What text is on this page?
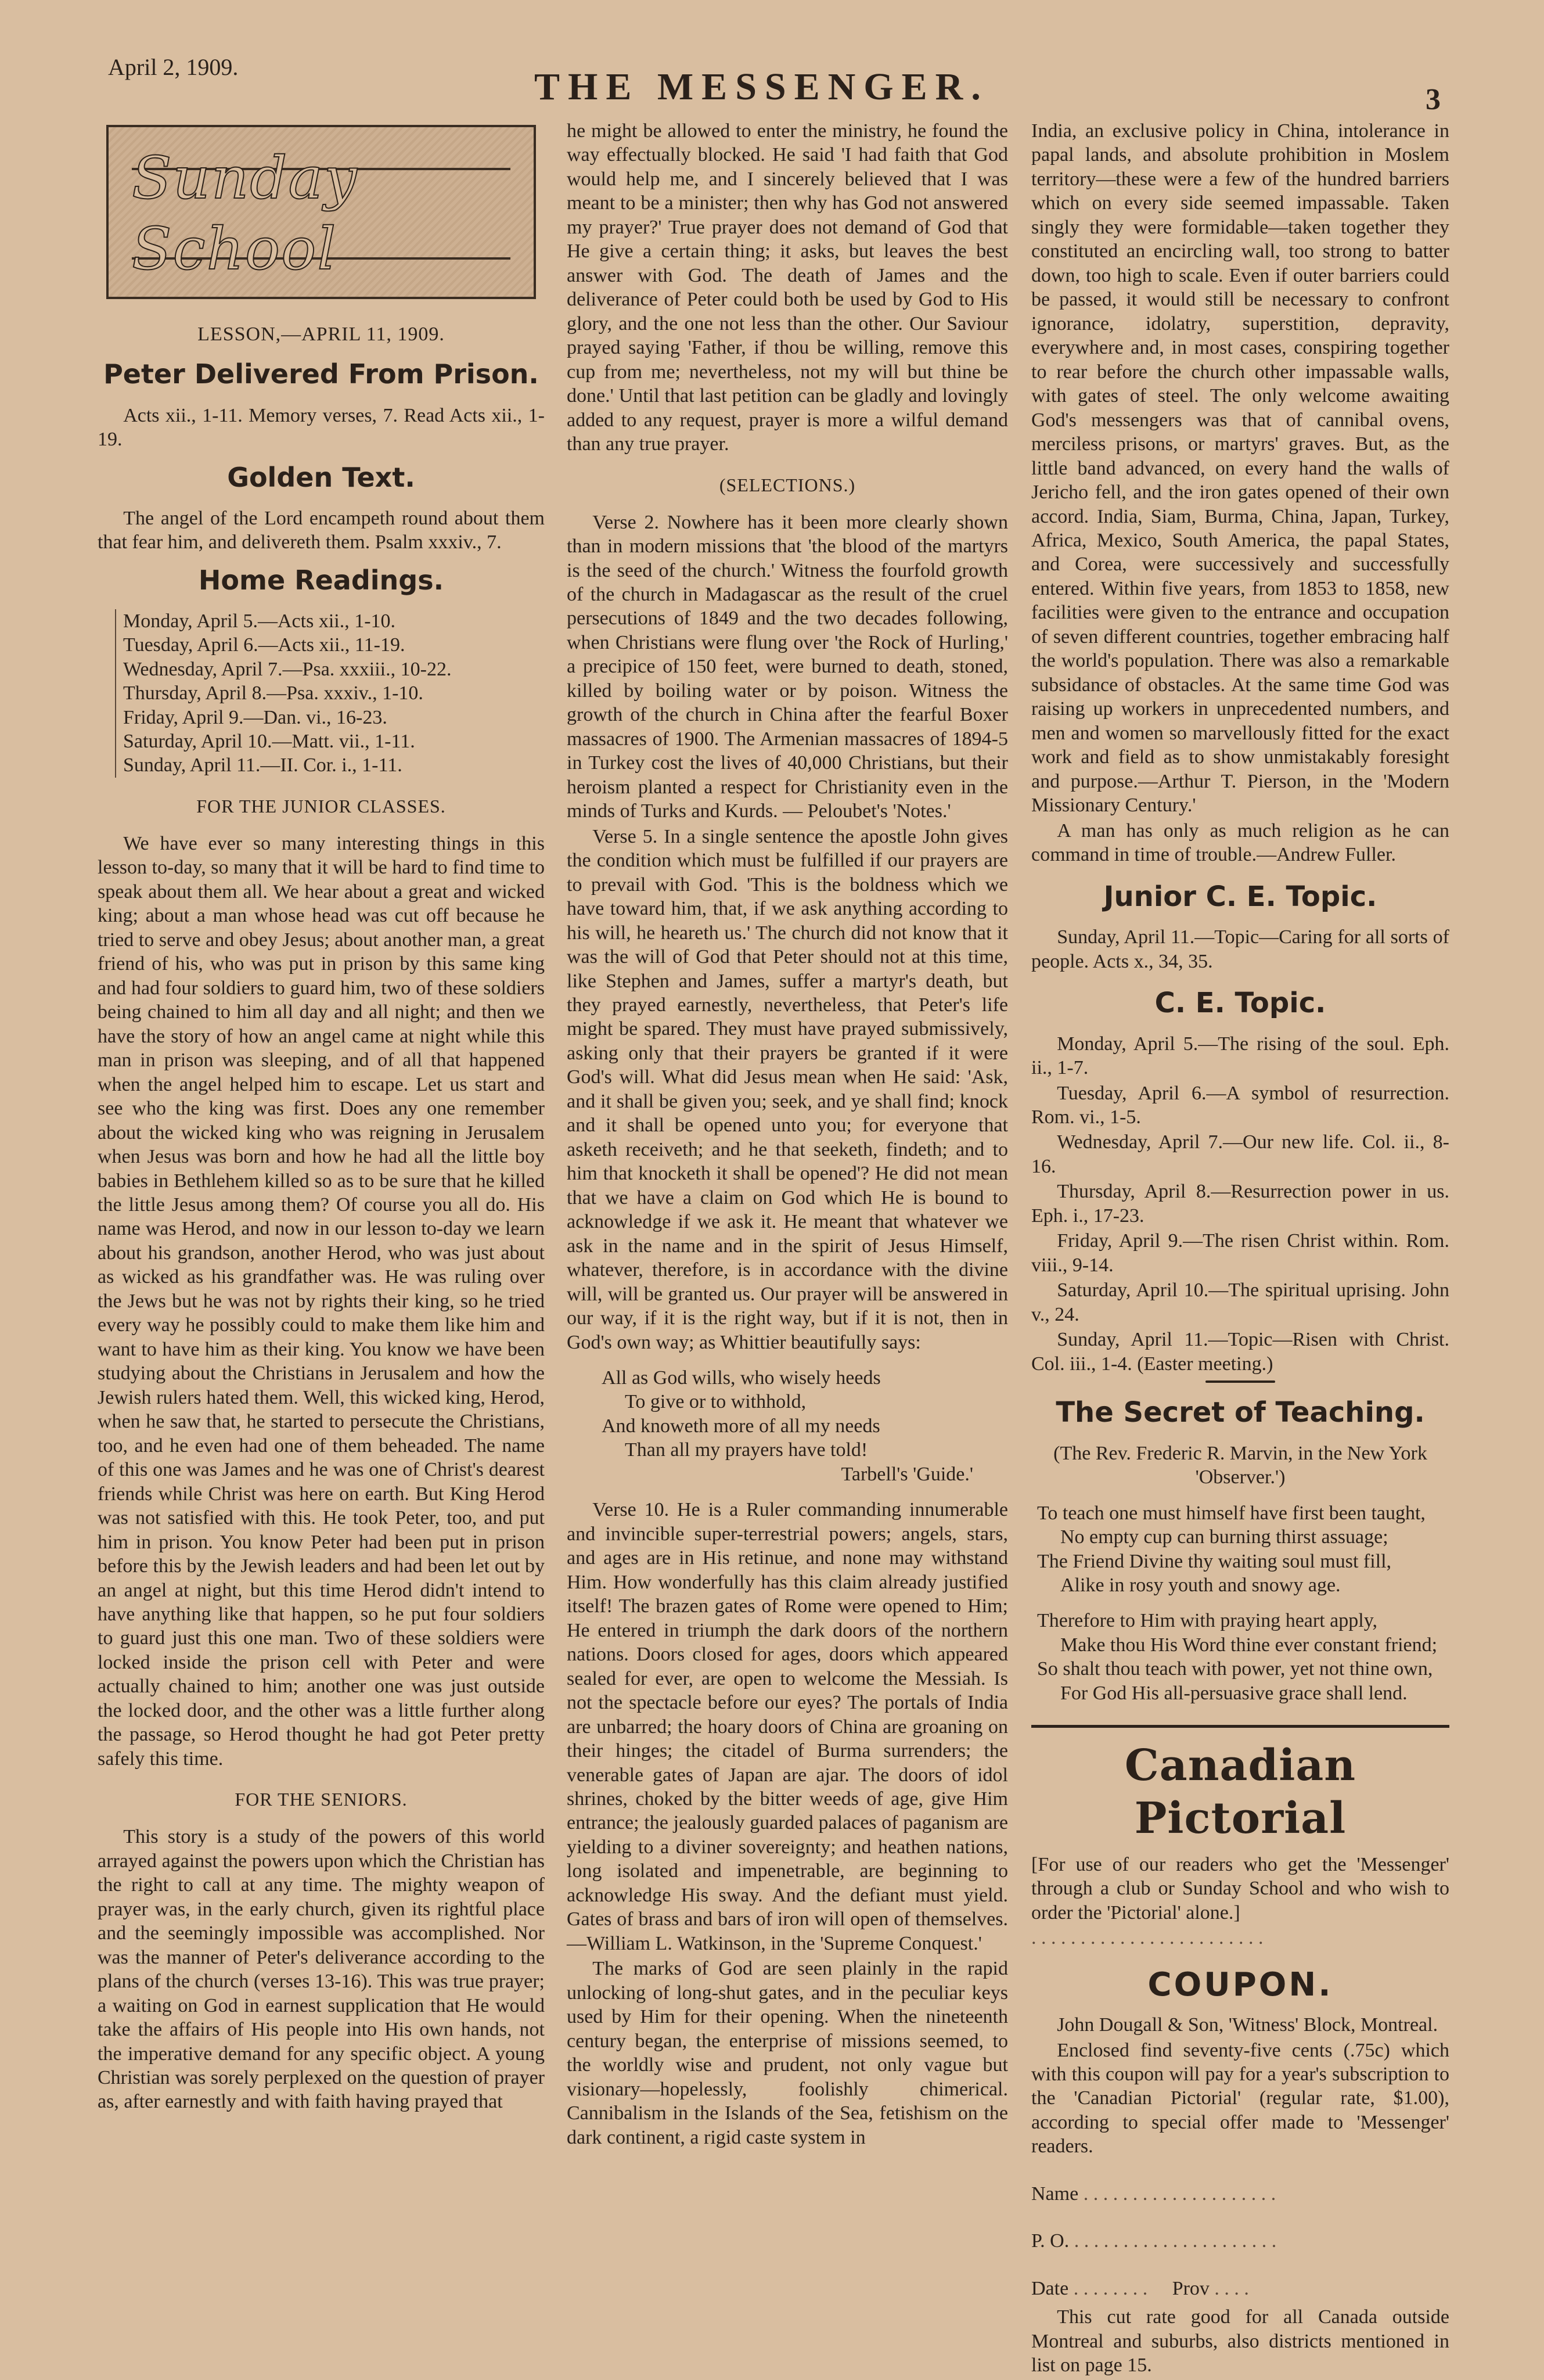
April 2, 1909.	THE MESSENGER.	3
Sunday School
LESSON,—APRIL 11, 1909.
Peter Delivered From Prison.

Acts xii., 1-11. Memory verses, 7. Read Acts xii., 1-19.

Golden Text.

The angel of the Lord encampeth round about them that fear him, and delivereth them. Psalm xxxiv., 7.

Home Readings.
Monday, April 5.—Acts xii., 1-10.
Tuesday, April 6.—Acts xii., 11-19.
Wednesday, April 7.—Psa. xxxiii., 10-22.
Thursday, April 8.—Psa. xxxiv., 1-10.
Friday, April 9.—Dan. vi., 16-23.
Saturday, April 10.—Matt. vii., 1-11.
Sunday, April 11.—II. Cor. i., 1-11.
FOR THE JUNIOR CLASSES.

We have ever so many interesting things in this lesson to-day, so many that it will be hard to find time to speak about them all. We hear about a great and wicked king; about a man whose head was cut off because he tried to serve and obey Jesus; about another man, a great friend of his, who was put in prison by this same king and had four soldiers to guard him, two of these soldiers being chained to him all day and all night; and then we have the story of how an angel came at night while this man in prison was sleeping, and of all that happened when the angel helped him to escape. Let us start and see who the king was first. Does any one remember about the wicked king who was reigning in Jerusalem when Jesus was born and how he had all the little boy babies in Bethlehem killed so as to be sure that he killed the little Jesus among them? Of course you all do. His name was Herod, and now in our lesson to-day we learn about his grandson, another Herod, who was just about as wicked as his grandfather was. He was ruling over the Jews but he was not by rights their king, so he tried every way he possibly could to make them like him and want to have him as their king. You know we have been studying about the Christians in Jerusalem and how the Jewish rulers hated them. Well, this wicked king, Herod, when he saw that, he started to persecute the Christians, too, and he even had one of them beheaded. The name of this one was James and he was one of Christ's dearest friends while Christ was here on earth. But King Herod was not satisfied with this. He took Peter, too, and put him in prison. You know Peter had been put in prison before this by the Jewish leaders and had been let out by an angel at night, but this time Herod didn't intend to have anything like that happen, so he put four soldiers to guard just this one man. Two of these soldiers were locked inside the prison cell with Peter and were actually chained to him; another one was just outside the locked door, and the other was a little further along the passage, so Herod thought he had got Peter pretty safely this time.

FOR THE SENIORS.

This story is a study of the powers of this world arrayed against the powers upon which the Christian has the right to call at any time. The mighty weapon of prayer was, in the early church, given its rightful place and the seemingly impossible was accomplished. Nor was the manner of Peter's deliverance according to the plans of the church (verses 13-16). This was true prayer; a waiting on God in earnest supplication that He would take the affairs of His people into His own hands, not the imperative demand for any specific object. A young Christian was sorely perplexed on the question of prayer as, after earnestly and with faith having prayed that

he might be allowed to enter the ministry, he found the way effectually blocked. He said 'I had faith that God would help me, and I sincerely believed that I was meant to be a minister; then why has God not answered my prayer?' True prayer does not demand of God that He give a certain thing; it asks, but leaves the best answer with God. The death of James and the deliverance of Peter could both be used by God to His glory, and the one not less than the other. Our Saviour prayed saying 'Father, if thou be willing, remove this cup from me; nevertheless, not my will but thine be done.' Until that last petition can be gladly and lovingly added to any request, prayer is more a wilful demand than any true prayer.

(SELECTIONS.)

Verse 2. Nowhere has it been more clearly shown than in modern missions that 'the blood of the martyrs is the seed of the church.' Witness the fourfold growth of the church in Madagascar as the result of the cruel persecutions of 1849 and the two decades following, when Christians were flung over 'the Rock of Hurling,' a precipice of 150 feet, were burned to death, stoned, killed by boiling water or by poison. Witness the growth of the church in China after the fearful Boxer massacres of 1900. The Armenian massacres of 1894-5 in Turkey cost the lives of 40,000 Christians, but their heroism planted a respect for Christianity even in the minds of Turks and Kurds. — Peloubet's 'Notes.'

Verse 5. In a single sentence the apostle John gives the condition which must be fulfilled if our prayers are to prevail with God. 'This is the boldness which we have toward him, that, if we ask anything according to his will, he heareth us.' The church did not know that it was the will of God that Peter should not at this time, like Stephen and James, suffer a martyr's death, but they prayed earnestly, nevertheless, that Peter's life might be spared. They must have prayed submissively, asking only that their prayers be granted if it were God's will. What did Jesus mean when He said: 'Ask, and it shall be given you; seek, and ye shall find; knock and it shall be opened unto you; for everyone that asketh receiveth; and he that seeketh, findeth; and to him that knocketh it shall be opened'? He did not mean that we have a claim on God which He is bound to acknowledge if we ask it. He meant that whatever we ask in the name and in the spirit of Jesus Himself, whatever, therefore, is in accordance with the divine will, will be granted us. Our prayer will be answered in our way, if it is the right way, but if it is not, then in God's own way; as Whittier beautifully says:

All as God wills, who wisely heeds
To give or to withhold,
And knoweth more of all my needs
Than all my prayers have told!
Tarbell's 'Guide.'

Verse 10. He is a Ruler commanding innumerable and invincible super-terrestrial powers; angels, stars, and ages are in His retinue, and none may withstand Him. How wonderfully has this claim already justified itself! The brazen gates of Rome were opened to Him; He entered in triumph the dark doors of the northern nations. Doors closed for ages, doors which appeared sealed for ever, are open to welcome the Messiah. Is not the spectacle before our eyes? The portals of India are unbarred; the hoary doors of China are groaning on their hinges; the citadel of Burma surrenders; the venerable gates of Japan are ajar. The doors of idol shrines, choked by the bitter weeds of age, give Him entrance; the jealously guarded palaces of paganism are yielding to a diviner sovereignty; and heathen nations, long isolated and impenetrable, are beginning to acknowledge His sway. And the defiant must yield. Gates of brass and bars of iron will open of themselves.—William L. Watkinson, in the 'Supreme Conquest.'

The marks of God are seen plainly in the rapid unlocking of long-shut gates, and in the peculiar keys used by Him for their opening. When the nineteenth century began, the enterprise of missions seemed, to the worldly wise and prudent, not only vague but visionary—hopelessly, foolishly chimerical. Cannibalism in the Islands of the Sea, fetishism on the dark continent, a rigid caste system in

India, an exclusive policy in China, intolerance in papal lands, and absolute prohibition in Moslem territory—these were a few of the hundred barriers which on every side seemed impassable. Taken singly they were formidable—taken together they constituted an encircling wall, too strong to batter down, too high to scale. Even if outer barriers could be passed, it would still be necessary to confront ignorance, idolatry, superstition, depravity, everywhere and, in most cases, conspiring together to rear before the church other impassable walls, with gates of steel. The only welcome awaiting God's messengers was that of cannibal ovens, merciless prisons, or martyrs' graves. But, as the little band advanced, on every hand the walls of Jericho fell, and the iron gates opened of their own accord. India, Siam, Burma, China, Japan, Turkey, Africa, Mexico, South America, the papal States, and Corea, were successively and successfully entered. Within five years, from 1853 to 1858, new facilities were given to the entrance and occupation of seven different countries, together embracing half the world's population. There was also a remarkable subsidance of obstacles. At the same time God was raising up workers in unprecedented numbers, and men and women so marvellously fitted for the exact work and field as to show unmistakably foresight and purpose.—Arthur T. Pierson, in the 'Modern Missionary Century.'

A man has only as much religion as he can command in time of trouble.—Andrew Fuller.

Junior C. E. Topic.

Sunday, April 11.—Topic—Caring for all sorts of people. Acts x., 34, 35.

C. E. Topic.

Monday, April 5.—The rising of the soul. Eph. ii., 1-7.

Tuesday, April 6.—A symbol of resurrection. Rom. vi., 1-5.

Wednesday, April 7.—Our new life. Col. ii., 8-16.

Thursday, April 8.—Resurrection power in us. Eph. i., 17-23.

Friday, April 9.—The risen Christ within. Rom. viii., 9-14.

Saturday, April 10.—The spiritual uprising. John v., 24.

Sunday, April 11.—Topic—Risen with Christ. Col. iii., 1-4. (Easter meeting.)

The Secret of Teaching.

(The Rev. Frederic R. Marvin, in the New York 'Observer.')

To teach one must himself have first been taught,
No empty cup can burning thirst assuage;
The Friend Divine thy waiting soul must fill,
Alike in rosy youth and snowy age.
Therefore to Him with praying heart apply,
Make thou His Word thine ever constant friend;
So shalt thou teach with power, yet not thine own,
For God His all-persuasive grace shall lend.
Canadian Pictorial

[For use of our readers who get the 'Messenger' through a club or Sunday School and who wish to order the 'Pictorial' alone.]

. . . . . . . . . . . . . . . . . . . . . . . .
COUPON.

John Dougall & Son, 'Witness' Block, Montreal.

Enclosed find seventy-five cents (.75c) which with this coupon will pay for a year's subscription to the 'Canadian Pictorial' (regular rate, $1.00), according to special offer made to 'Messenger' readers.

Name . . . . . . . . . . . . . . . . . . . .
P. O. . . . . . . . . . . . . . . . . . . . . .
Date . . . . . . . .     Prov . . . .

This cut rate good for all Canada outside Montreal and suburbs, also districts mentioned in list on page 15.
